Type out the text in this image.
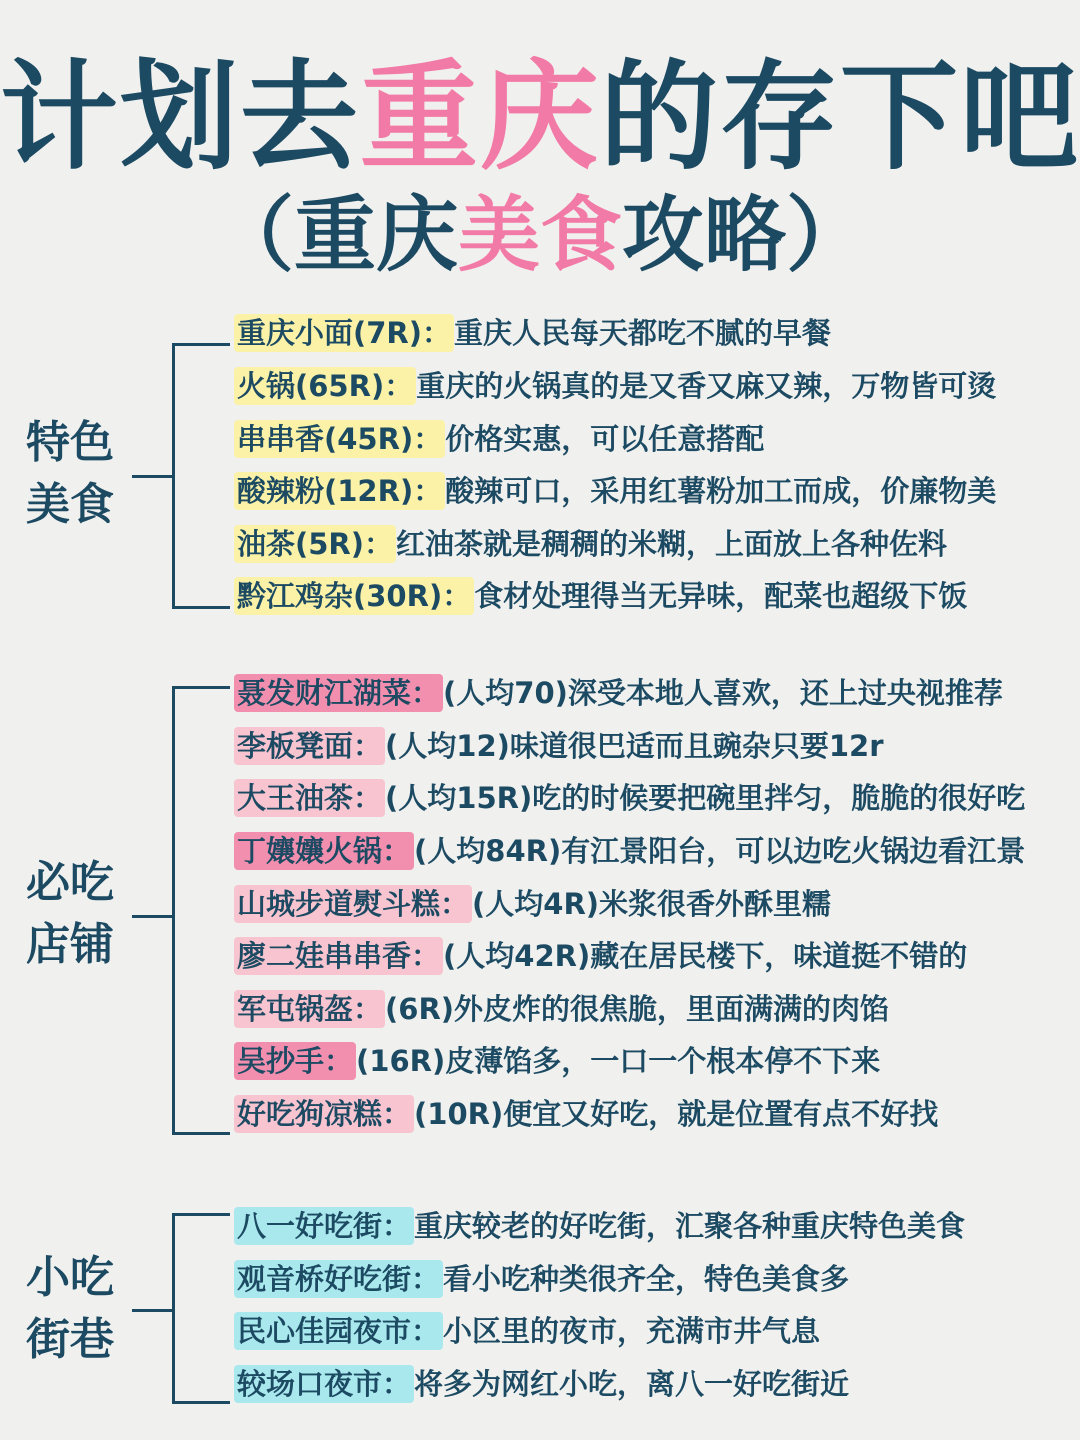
计划去重庆的存下吧
（重庆美食攻略）
特色
美食
重庆小面(7R)： 重庆人民每天都吃不腻的早餐
火锅(65R)： 重庆的火锅真的是又香又麻又辣，万物皆可烫
串串香(45R)： 价格实惠，可以任意搭配
酸辣粉(12R)： 酸辣可口，采用红薯粉加工而成，价廉物美
油茶(5R)： 红油茶就是稠稠的米糊，上面放上各种佐料
黔江鸡杂(30R)： 食材处理得当无异味，配菜也超级下饭
必吃
店铺
聂发财江湖菜： (人均70)深受本地人喜欢，还上过央视推荐
李板凳面： (人均12)味道很巴适而且豌杂只要12r
大王油茶： (人均15R)吃的时候要把碗里拌匀，脆脆的很好吃
丁孃孃火锅： (人均84R)有江景阳台，可以边吃火锅边看江景
山城步道熨斗糕： (人均4R)米浆很香外酥里糯
廖二娃串串香： (人均42R)藏在居民楼下，味道挺不错的
军屯锅盔： (6R)外皮炸的很焦脆，里面满满的肉馅
吴抄手： (16R)皮薄馅多，一口一个根本停不下来
好吃狗凉糕： (10R)便宜又好吃，就是位置有点不好找
小吃
街巷
八一好吃街： 重庆较老的好吃街，汇聚各种重庆特色美食
观音桥好吃街： 看小吃种类很齐全，特色美食多
民心佳园夜市： 小区里的夜市，充满市井气息
较场口夜市： 将多为网红小吃，离八一好吃街近
